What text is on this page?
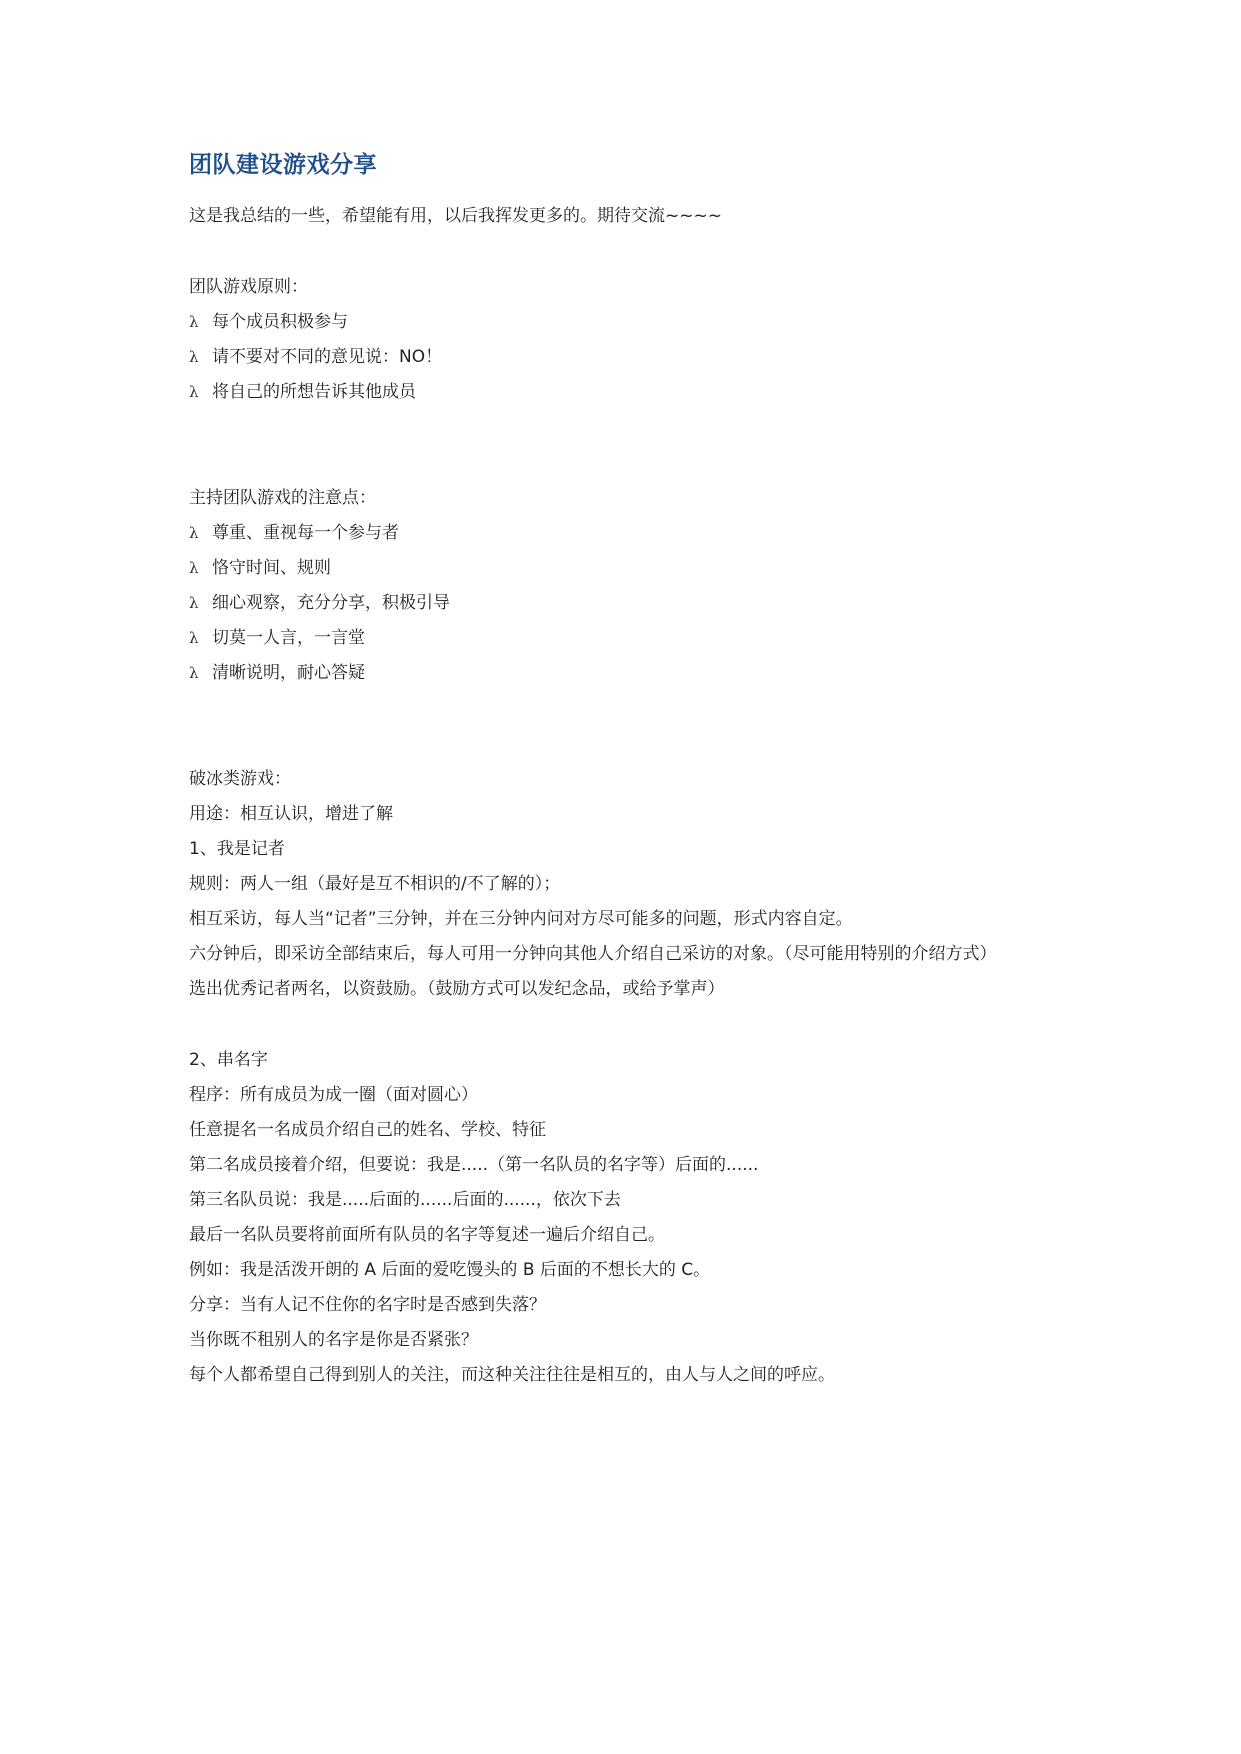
团队建设游戏分享
这是我总结的一些，希望能有用，以后我挥发更多的。期待交流~~~~
团队游戏原则：
λ 每个成员积极参与
λ 请不要对不同的意见说：NO！
λ 将自己的所想告诉其他成员
主持团队游戏的注意点：
λ 尊重、重视每一个参与者
λ 恪守时间、规则
λ 细心观察，充分分享，积极引导
λ 切莫一人言，一言堂
λ 清晰说明，耐心答疑
破冰类游戏：
用途：相互认识，增进了解
1、我是记者
规则：两人一组（最好是互不相识的/不了解的）；
相互采访，每人当“记者”三分钟，并在三分钟内问对方尽可能多的问题，形式内容自定。
六分钟后，即采访全部结束后，每人可用一分钟向其他人介绍自己采访的对象。（尽可能用特别的介绍方式）
选出优秀记者两名，以资鼓励。（鼓励方式可以发纪念品，或给予掌声）
2、串名字
程序：所有成员为成一圈（面对圆心）
任意提名一名成员介绍自己的姓名、学校、特征
第二名成员接着介绍，但要说：我是.....（第一名队员的名字等）后面的......
第三名队员说：我是.....后面的......后面的......，依次下去
最后一名队员要将前面所有队员的名字等复述一遍后介绍自己。
例如：我是活泼开朗的 A 后面的爱吃馒头的 B 后面的不想长大的 C。
分享：当有人记不住你的名字时是否感到失落？
当你既不租别人的名字是你是否紧张？
每个人都希望自己得到别人的关注，而这种关注往往是相互的，由人与人之间的呼应。
